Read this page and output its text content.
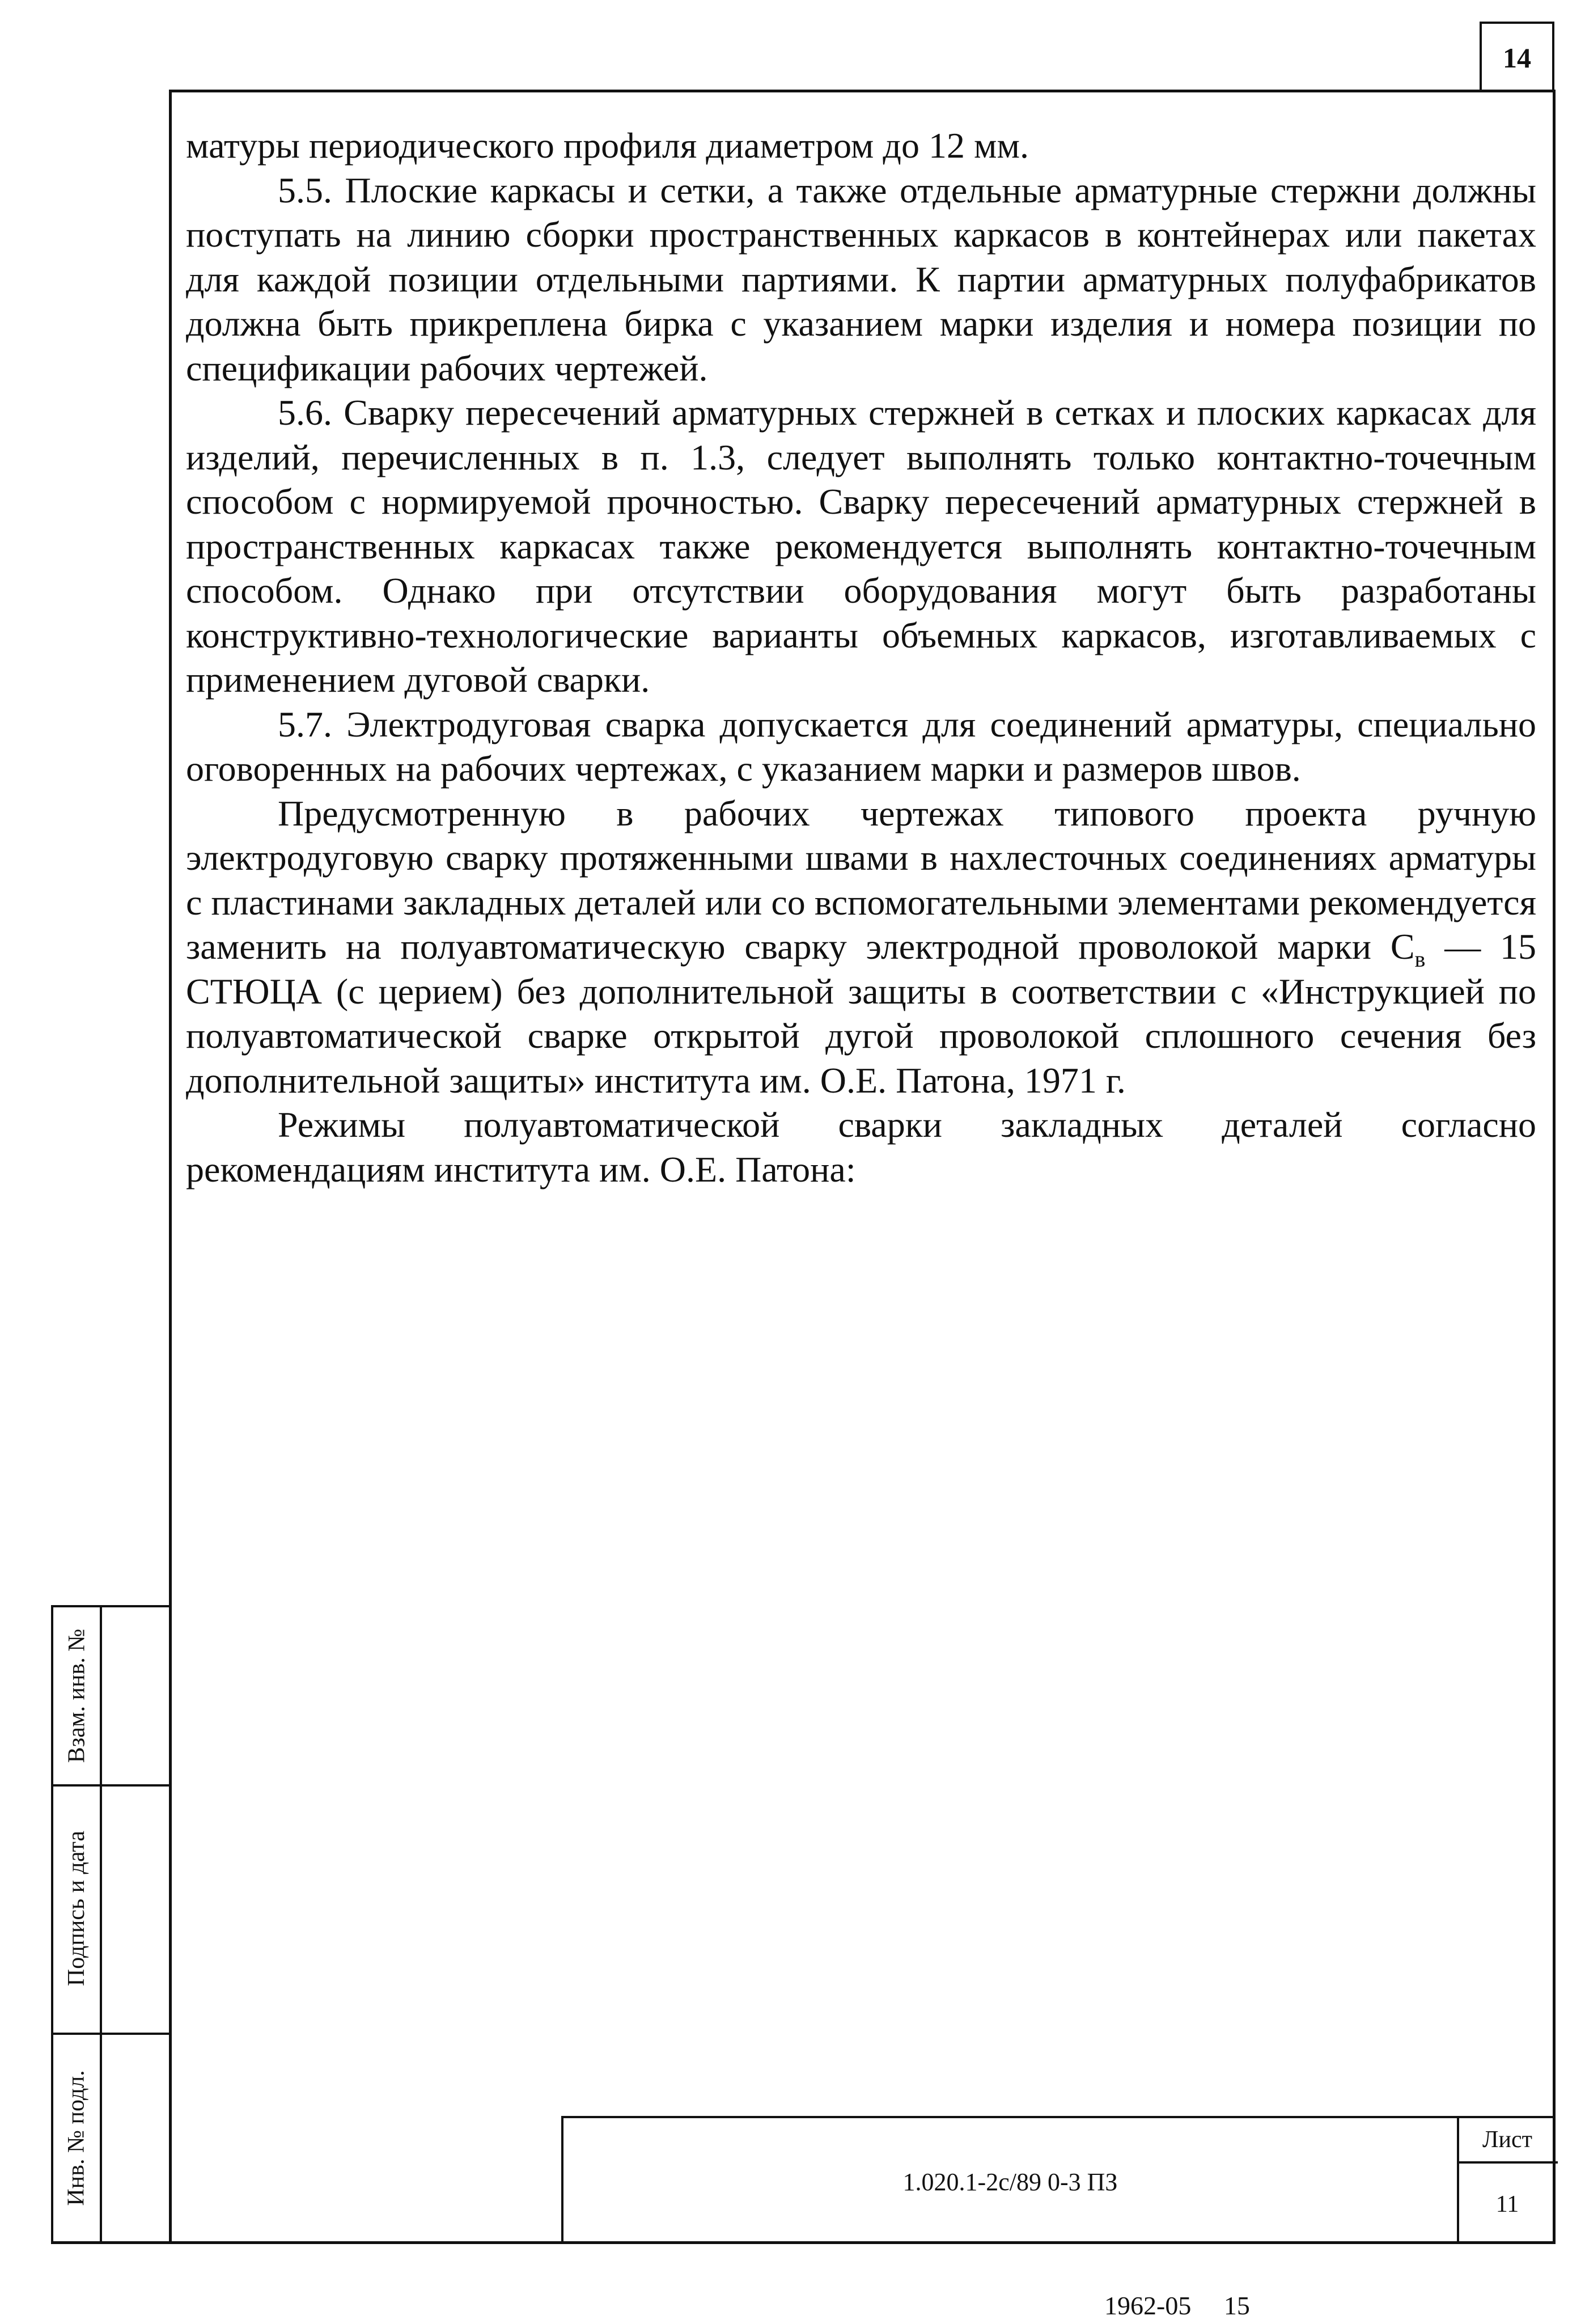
14

матуры периодического профиля диаметром до 12 мм.

5.5. Плоские каркасы и сетки, а также отдельные арматурные стержни должны поступать на линию сборки пространственных каркасов в контейнерах или пакетах для каждой позиции отдельными партиями. К партии арматурных полуфабрикатов должна быть прикреплена бирка с указанием марки изделия и номера позиции по спецификации рабочих чертежей.

5.6. Сварку пересечений арматурных стержней в сетках и плоских каркасах для изделий, перечисленных в п. 1.3, следует выполнять только контактно-точечным способом с нормируемой прочностью. Сварку пересечений арматурных стержней в пространственных каркасах также рекомендуется выполнять контактно-точечным способом. Однако при отсутствии оборудования могут быть разработаны конструктивно-технологические варианты объемных каркасов, изготавливаемых с применением дуговой сварки.

5.7. Электродуговая сварка допускается для соединений арматуры, специально оговоренных на рабочих чертежах, с указанием марки и размеров швов.

Предусмотренную в рабочих чертежах типового проекта ручную электродуговую сварку протяженными швами в нахлесточных соединениях арматуры с пластинами закладных деталей или со вспомогательными элементами рекомендуется заменить на полуавтоматическую сварку электродной проволокой марки $С_в$ — 15 СТЮЦА (с церием) без дополнительной защиты в соответствии с «Инструкцией по полуавтоматической сварке открытой дугой проволокой сплошного сечения без дополнительной защиты» института им. О.Е. Патона, 1971 г.

Режимы полуавтоматической сварки закладных деталей согласно рекомендациям института им. О.Е. Патона:

Взам. инв. №
Подпись и дата
Инв. № подл.	1.020.1-2с/89 0-3 ПЗ
Лист
11
1962-05 15
